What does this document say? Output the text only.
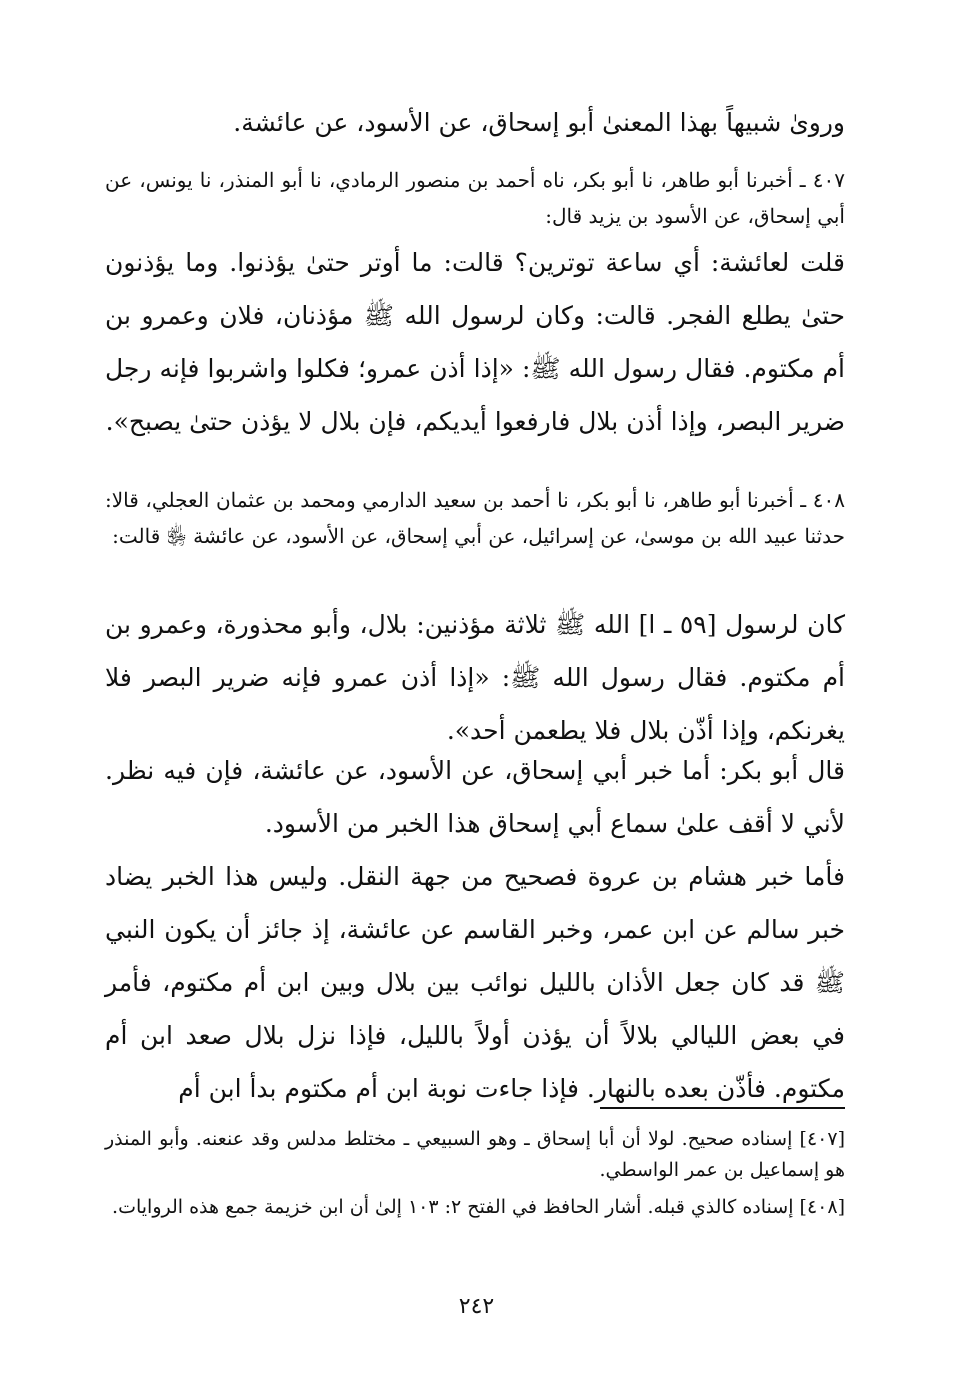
ورویٰ شبيهاً بهذا المعنىٰ أبو إسحاق، عن الأسود، عن عائشة.
٤٠٧ ـ أخبرنا أبو طاهر، نا أبو بكر، ناه أحمد بن منصور الرمادي، نا أبو المنذر، نا يونس، عن أبي إسحاق، عن الأسود بن يزيد قال:
قلت لعائشة: أي ساعة توترين؟ قالت: ما أوتر حتىٰ يؤذنوا. وما يؤذنون حتىٰ يطلع الفجر. قالت: وكان لرسول الله ﷺ مؤذنان، فلان وعمرو بن أم مكتوم. فقال رسول الله ﷺ: «إذا أذن عمرو؛ فكلوا واشربوا فإنه رجل ضرير البصر، وإذا أذن بلال فارفعوا أيديكم، فإن بلال لا يؤذن حتىٰ يصبح».
٤٠٨ ـ أخبرنا أبو طاهر، نا أبو بكر، نا أحمد بن سعيد الدارمي ومحمد بن عثمان العجلي، قالا: حدثنا عبيد الله بن موسىٰ، عن إسرائيل، عن أبي إسحاق، عن الأسود، عن عائشة ﵂ قالت:
كان لرسول [٥٩ ـ ا] الله ﷺ ثلاثة مؤذنين: بلال، وأبو محذورة، وعمرو بن أم مكتوم. فقال رسول الله ﷺ: «إذا أذن عمرو فإنه ضرير البصر فلا يغرنكم، وإذا أذّن بلال فلا يطعمن أحد».
قال أبو بكر: أما خبر أبي إسحاق، عن الأسود، عن عائشة، فإن فيه نظر. لأني لا أقف علىٰ سماع أبي إسحاق هذا الخبر من الأسود.
فأما خبر هشام بن عروة فصحيح من جهة النقل. وليس هذا الخبر يضاد خبر سالم عن ابن عمر، وخبر القاسم عن عائشة، إذ جائز أن يكون النبي ﷺ قد كان جعل الأذان بالليل نوائب بين بلال وبين ابن أم مكتوم، فأمر في بعض الليالي بلالاً أن يؤذن أولاً بالليل، فإذا نزل بلال صعد ابن أم مكتوم. فأذّن بعده بالنهار. فإذا جاءت نوبة ابن أم مكتوم بدأ ابن أم
[٤٠٧] إسناده صحيح. لولا أن أبا إسحاق ـ وهو السبيعي ـ مختلط مدلس وقد عنعنه. وأبو المنذر هو إسماعيل بن عمر الواسطي.
[٤٠٨] إسناده كالذي قبله. أشار الحافظ في الفتح ٢: ١٠٣ إلىٰ أن ابن خزيمة جمع هذه الروايات.
٢٤٢
